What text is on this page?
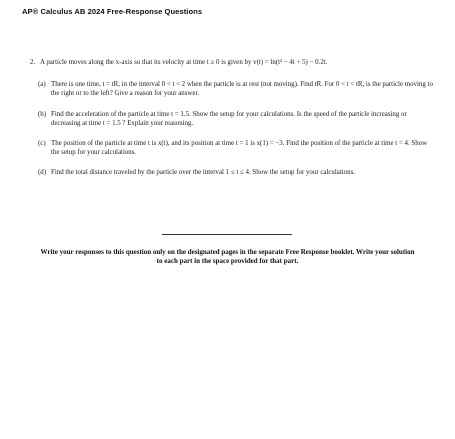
AP® Calculus AB 2024 Free-Response Questions
2. A particle moves along the x-axis so that its velocity at time t ≥ 0 is given by v(t) = ln(t² − 4t + 5) − 0.2t.
(a) There is one time, t = tR, in the interval 0 < t < 2 when the particle is at rest (not moving). Find tR. For 0 < t < tR, is the particle moving to the right or to the left? Give a reason for your answer.
(b) Find the acceleration of the particle at time t = 1.5. Show the setup for your calculations. Is the speed of the particle increasing or decreasing at time t = 1.5 ? Explain your reasoning.
(c) The position of the particle at time t is x(t), and its position at time t = 1 is x(1) = −3. Find the position of the particle at time t = 4. Show the setup for your calculations.
(d) Find the total distance traveled by the particle over the interval 1 ≤ t ≤ 4. Show the setup for your calculations.
Write your responses to this question only on the designated pages in the separate Free Response booklet. Write your solution to each part in the space provided for that part.
